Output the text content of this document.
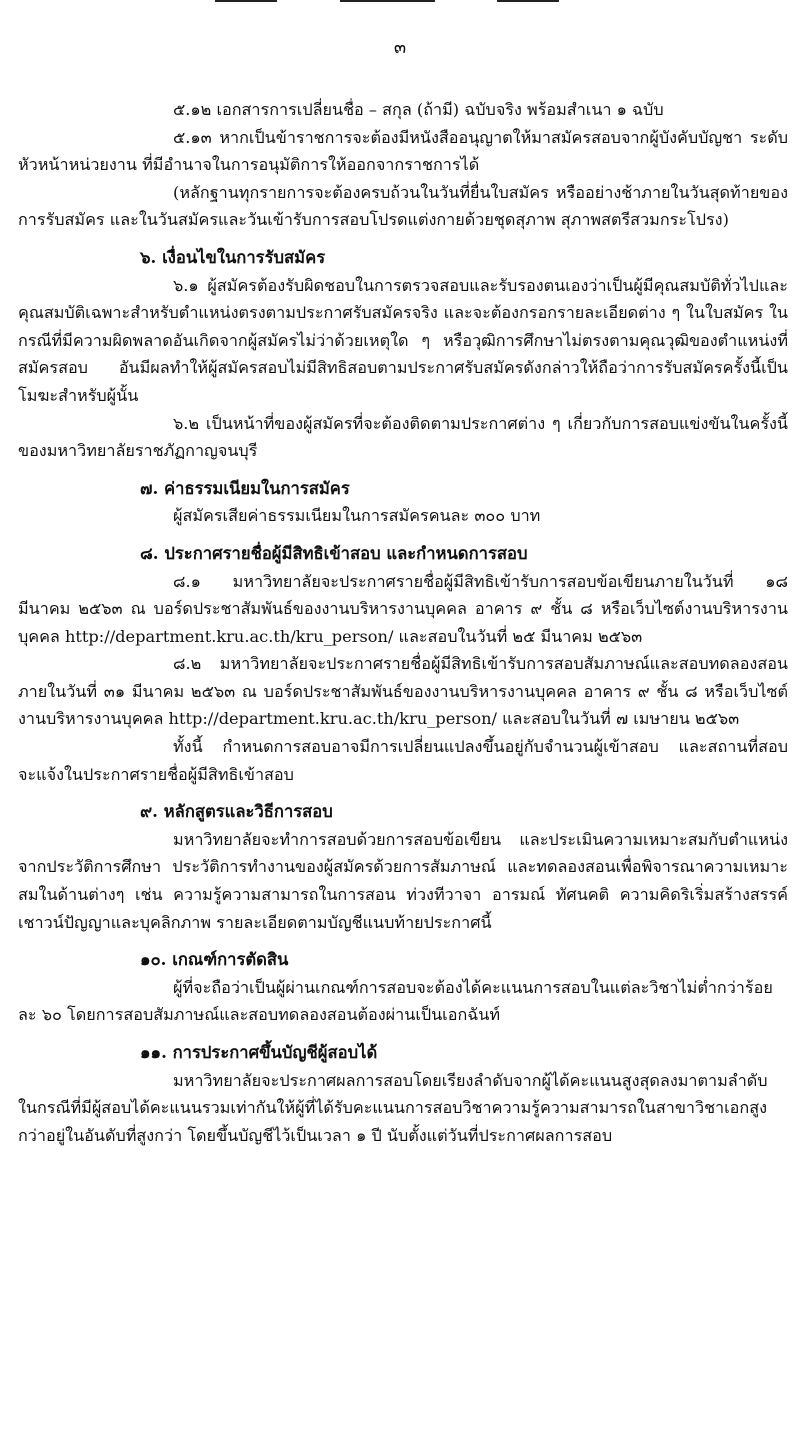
๓

๕.๑๒ เอกสารการเปลี่ยนชื่อ – สกุล (ถ้ามี) ฉบับจริง พร้อมสำเนา ๑ ฉบับ

๕.๑๓ หากเป็นข้าราชการจะต้องมีหนังสืออนุญาตให้มาสมัครสอบจากผู้บังคับบัญชา ระดับหัวหน้าหน่วยงาน ที่มีอำนาจในการอนุมัติการให้ออกจากราชการได้

(หลักฐานทุกรายการจะต้องครบถ้วนในวันที่ยื่นใบสมัคร หรืออย่างช้าภายในวันสุดท้ายของการรับสมัคร และในวันสมัครและวันเข้ารับการสอบโปรดแต่งกายด้วยชุดสุภาพ สุภาพสตรีสวมกระโปรง)

๖. เงื่อนไขในการรับสมัคร

๖.๑ ผู้สมัครต้องรับผิดชอบในการตรวจสอบและรับรองตนเองว่าเป็นผู้มีคุณสมบัติทั่วไปและคุณสมบัติเฉพาะสำหรับตำแหน่งตรงตามประกาศรับสมัครจริง และจะต้องกรอกรายละเอียดต่าง ๆ ในใบสมัคร ในกรณีที่มีความผิดพลาดอันเกิดจากผู้สมัครไม่ว่าด้วยเหตุใด ๆ หรือวุฒิการศึกษาไม่ตรงตามคุณวุฒิของตำแหน่งที่สมัครสอบ อันมีผลทำให้ผู้สมัครสอบไม่มีสิทธิสอบตามประกาศรับสมัครดังกล่าวให้ถือว่าการรับสมัครครั้งนี้เป็นโมฆะสำหรับผู้นั้น

๖.๒ เป็นหน้าที่ของผู้สมัครที่จะต้องติดตามประกาศต่าง ๆ เกี่ยวกับการสอบแข่งขันในครั้งนี้ของมหาวิทยาลัยราชภัฏกาญจนบุรี

๗. ค่าธรรมเนียมในการสมัคร

ผู้สมัครเสียค่าธรรมเนียมในการสมัครคนละ ๓๐๐ บาท

๘. ประกาศรายชื่อผู้มีสิทธิเข้าสอบ และกำหนดการสอบ

๘.๑ มหาวิทยาลัยจะประกาศรายชื่อผู้มีสิทธิเข้ารับการสอบข้อเขียนภายในวันที่ ๑๘ มีนาคม ๒๕๖๓ ณ บอร์ดประชาสัมพันธ์ของงานบริหารงานบุคคล อาคาร ๙ ชั้น ๘ หรือเว็บไซต์งานบริหารงานบุคคล http://department.kru.ac.th/kru_person/ และสอบในวันที่ ๒๕ มีนาคม ๒๕๖๓

๘.๒ มหาวิทยาลัยจะประกาศรายชื่อผู้มีสิทธิเข้ารับการสอบสัมภาษณ์และสอบทดลองสอน ภายในวันที่ ๓๑ มีนาคม ๒๕๖๓ ณ บอร์ดประชาสัมพันธ์ของงานบริหารงานบุคคล อาคาร ๙ ชั้น ๘ หรือเว็บไซต์งานบริหารงานบุคคล http://department.kru.ac.th/kru_person/ และสอบในวันที่ ๗ เมษายน ๒๕๖๓

ทั้งนี้ กำหนดการสอบอาจมีการเปลี่ยนแปลงขึ้นอยู่กับจำนวนผู้เข้าสอบ และสถานที่สอบจะแจ้งในประกาศรายชื่อผู้มีสิทธิเข้าสอบ

๙. หลักสูตรและวิธีการสอบ

มหาวิทยาลัยจะทำการสอบด้วยการสอบข้อเขียน และประเมินความเหมาะสมกับตำแหน่งจากประวัติการศึกษา ประวัติการทำงานของผู้สมัครด้วยการสัมภาษณ์ และทดลองสอนเพื่อพิจารณาความเหมาะสมในด้านต่างๆ เช่น ความรู้ความสามารถในการสอน ท่วงทีวาจา อารมณ์ ทัศนคติ ความคิดริเริ่มสร้างสรรค์ เชาวน์ปัญญาและบุคลิกภาพ รายละเอียดตามบัญชีแนบท้ายประกาศนี้

๑๐. เกณฑ์การตัดสิน

ผู้ที่จะถือว่าเป็นผู้ผ่านเกณฑ์การสอบจะต้องได้คะแนนการสอบในแต่ละวิชาไม่ต่ำกว่าร้อยละ ๖๐ โดยการสอบสัมภาษณ์และสอบทดลองสอนต้องผ่านเป็นเอกฉันท์

๑๑. การประกาศขึ้นบัญชีผู้สอบได้

มหาวิทยาลัยจะประกาศผลการสอบโดยเรียงลำดับจากผู้ได้คะแนนสูงสุดลงมาตามลำดับ ในกรณีที่มีผู้สอบได้คะแนนรวมเท่ากันให้ผู้ที่ได้รับคะแนนการสอบวิชาความรู้ความสามารถในสาขาวิชาเอกสูงกว่าอยู่ในอันดับที่สูงกว่า โดยขึ้นบัญชีไว้เป็นเวลา ๑ ปี นับตั้งแต่วันที่ประกาศผลการสอบ
